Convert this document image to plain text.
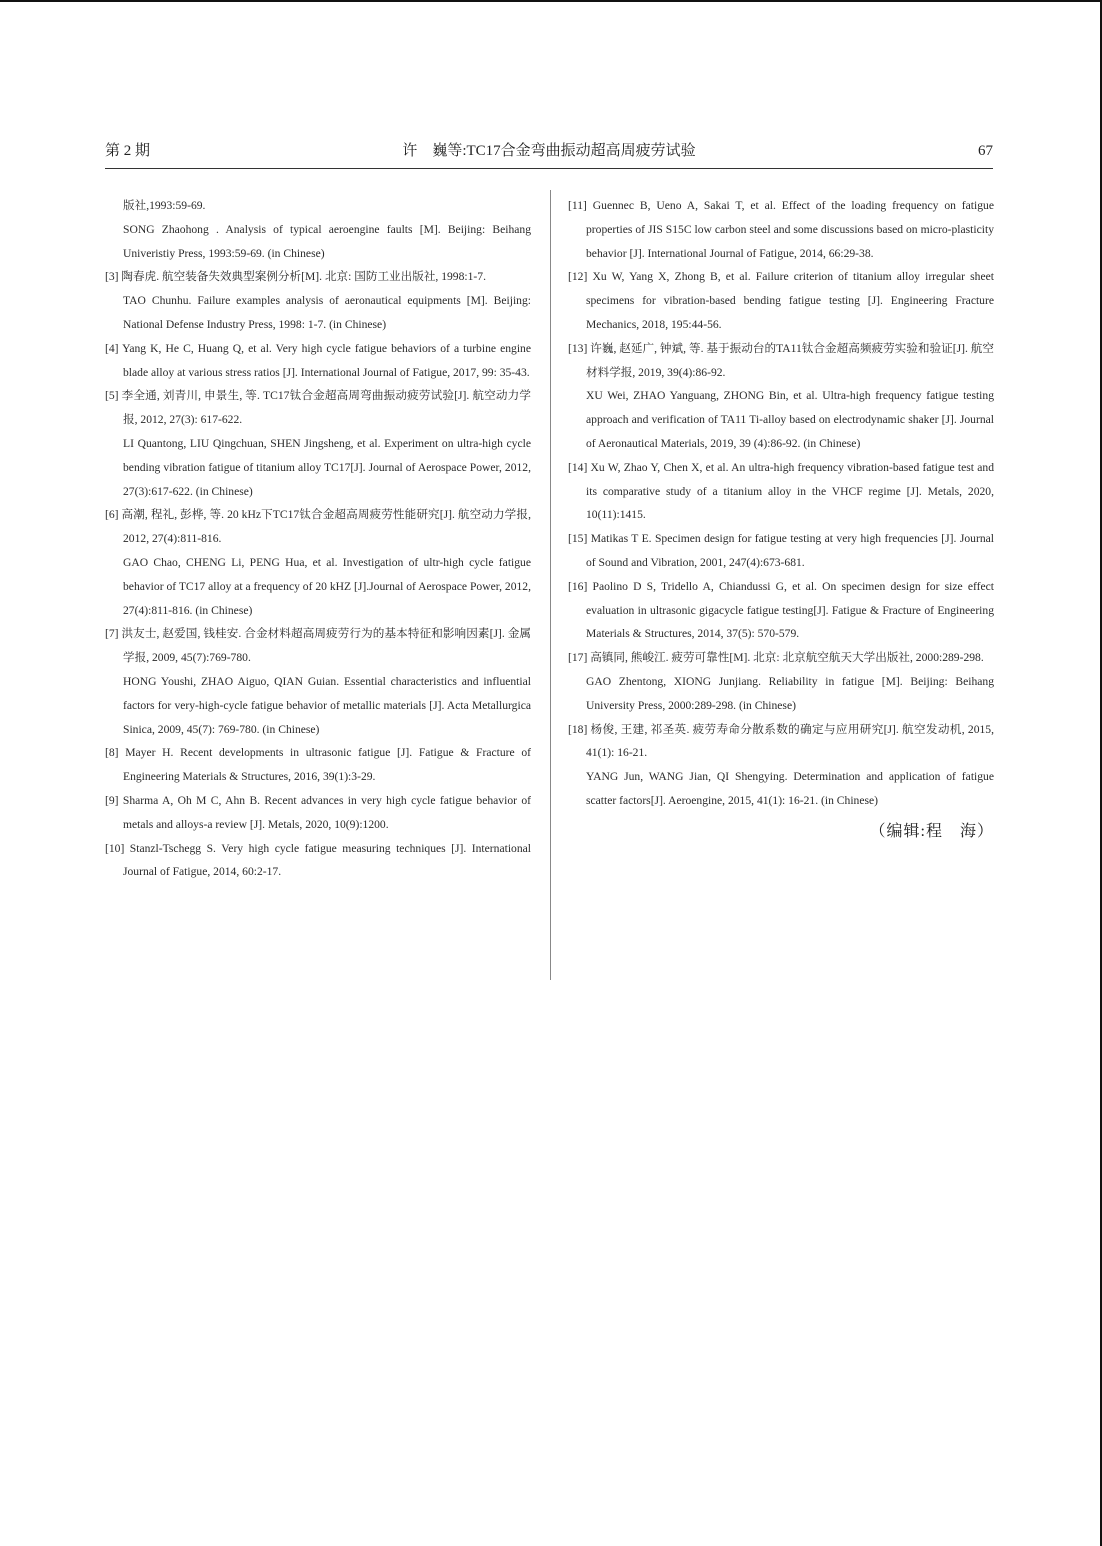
第 2 期	许　巍等:TC17合金弯曲振动超高周疲劳试验	67
版社,1993:59-69.
SONG Zhaohong . Analysis of typical aeroengine faults [M]. Beijing: Beihang Univeristiy Press, 1993:59-69. (in Chinese)
[3] 陶春虎. 航空装备失效典型案例分析[M]. 北京: 国防工业出版社, 1998:1-7.
TAO Chunhu. Failure examples analysis of aeronautical equipments [M]. Beijing: National Defense Industry Press, 1998: 1-7. (in Chinese)
[4] Yang K, He C, Huang Q, et al. Very high cycle fatigue behaviors of a turbine engine blade alloy at various stress ratios [J]. International Journal of Fatigue, 2017, 99: 35-43.
[5] 李全通, 刘青川, 申景生, 等. TC17钛合金超高周弯曲振动疲劳试验[J]. 航空动力学报, 2012, 27(3): 617-622.
LI Quantong, LIU Qingchuan, SHEN Jingsheng, et al. Experiment on ultra-high cycle bending vibration fatigue of titanium alloy TC17[J]. Journal of Aerospace Power, 2012, 27(3):617-622. (in Chinese)
[6] 高潮, 程礼, 彭桦, 等. 20 kHz下TC17钛合金超高周疲劳性能研究[J]. 航空动力学报, 2012, 27(4):811-816.
GAO Chao, CHENG Li, PENG Hua, et al. Investigation of ultr-high cycle fatigue behavior of TC17 alloy at a frequency of 20 kHZ [J].Journal of Aerospace Power, 2012, 27(4):811-816. (in Chinese)
[7] 洪友士, 赵爱国, 钱桂安. 合金材料超高周疲劳行为的基本特征和影响因素[J]. 金属学报, 2009, 45(7):769-780.
HONG Youshi, ZHAO Aiguo, QIAN Guian. Essential characteristics and influential factors for very-high-cycle fatigue behavior of metallic materials [J]. Acta Metallurgica Sinica, 2009, 45(7): 769-780. (in Chinese)
[8] Mayer H. Recent developments in ultrasonic fatigue [J]. Fatigue & Fracture of Engineering Materials & Structures, 2016, 39(1):3-29.
[9] Sharma A, Oh M C, Ahn B. Recent advances in very high cycle fatigue behavior of metals and alloys-a review [J]. Metals, 2020, 10(9):1200.
[10] Stanzl-Tschegg S. Very high cycle fatigue measuring techniques [J]. International Journal of Fatigue, 2014, 60:2-17.
[11] Guennec B, Ueno A, Sakai T, et al. Effect of the loading frequency on fatigue properties of JIS S15C low carbon steel and some discussions based on micro-plasticity behavior [J]. International Journal of Fatigue, 2014, 66:29-38.
[12] Xu W, Yang X, Zhong B, et al. Failure criterion of titanium alloy irregular sheet specimens for vibration-based bending fatigue testing [J]. Engineering Fracture Mechanics, 2018, 195:44-56.
[13] 许巍, 赵延广, 钟斌, 等. 基于振动台的TA11钛合金超高频疲劳实验和验证[J]. 航空材料学报, 2019, 39(4):86-92.
XU Wei, ZHAO Yanguang, ZHONG Bin, et al. Ultra-high frequency fatigue testing approach and verification of TA11 Ti-alloy based on electrodynamic shaker [J]. Journal of Aeronautical Materials, 2019, 39 (4):86-92. (in Chinese)
[14] Xu W, Zhao Y, Chen X, et al. An ultra-high frequency vibration-based fatigue test and its comparative study of a titanium alloy in the VHCF regime [J]. Metals, 2020, 10(11):1415.
[15] Matikas T E. Specimen design for fatigue testing at very high frequencies [J]. Journal of Sound and Vibration, 2001, 247(4):673-681.
[16] Paolino D S, Tridello A, Chiandussi G, et al. On specimen design for size effect evaluation in ultrasonic gigacycle fatigue testing[J]. Fatigue & Fracture of Engineering Materials & Structures, 2014, 37(5): 570-579.
[17] 高镇同, 熊峻江. 疲劳可靠性[M]. 北京: 北京航空航天大学出版社, 2000:289-298.
GAO Zhentong, XIONG Junjiang. Reliability in fatigue [M]. Beijing: Beihang University Press, 2000:289-298. (in Chinese)
[18] 杨俊, 王建, 祁圣英. 疲劳寿命分散系数的确定与应用研究[J]. 航空发动机, 2015, 41(1): 16-21.
YANG Jun, WANG Jian, QI Shengying. Determination and application of fatigue scatter factors[J]. Aeroengine, 2015, 41(1): 16-21. (in Chinese)
（编辑:程　海）
